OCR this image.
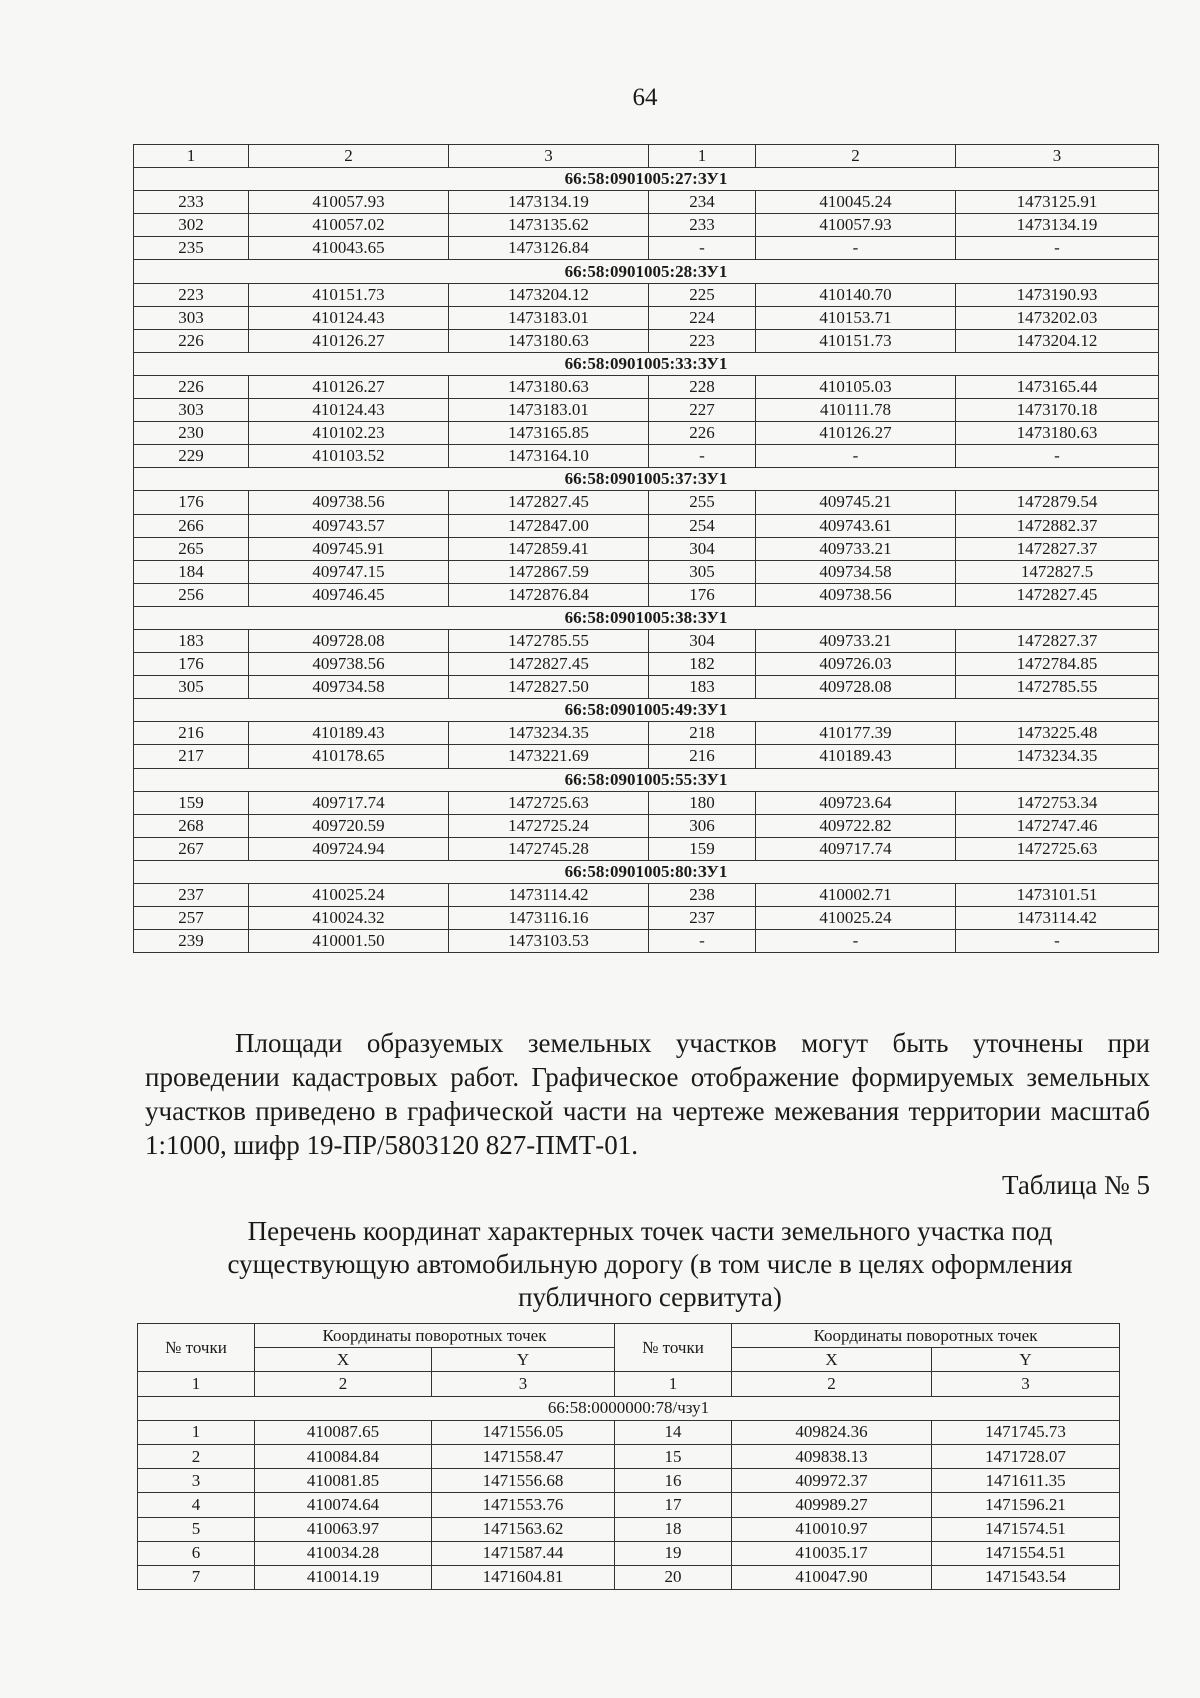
64
1	2	3	1	2	3
66:58:0901005:27:ЗУ1					
233	410057.93	1473134.19	234	410045.24	1473125.91
302	410057.02	1473135.62	233	410057.93	1473134.19
235	410043.65	1473126.84	-	-	-
66:58:0901005:28:ЗУ1					
223	410151.73	1473204.12	225	410140.70	1473190.93
303	410124.43	1473183.01	224	410153.71	1473202.03
226	410126.27	1473180.63	223	410151.73	1473204.12
66:58:0901005:33:ЗУ1					
226	410126.27	1473180.63	228	410105.03	1473165.44
303	410124.43	1473183.01	227	410111.78	1473170.18
230	410102.23	1473165.85	226	410126.27	1473180.63
229	410103.52	1473164.10	-	-	-
66:58:0901005:37:ЗУ1					
176	409738.56	1472827.45	255	409745.21	1472879.54
266	409743.57	1472847.00	254	409743.61	1472882.37
265	409745.91	1472859.41	304	409733.21	1472827.37
184	409747.15	1472867.59	305	409734.58	1472827.5
256	409746.45	1472876.84	176	409738.56	1472827.45
66:58:0901005:38:ЗУ1					
183	409728.08	1472785.55	304	409733.21	1472827.37
176	409738.56	1472827.45	182	409726.03	1472784.85
305	409734.58	1472827.50	183	409728.08	1472785.55
66:58:0901005:49:ЗУ1					
216	410189.43	1473234.35	218	410177.39	1473225.48
217	410178.65	1473221.69	216	410189.43	1473234.35
66:58:0901005:55:ЗУ1					
159	409717.74	1472725.63	180	409723.64	1472753.34
268	409720.59	1472725.24	306	409722.82	1472747.46
267	409724.94	1472745.28	159	409717.74	1472725.63
66:58:0901005:80:ЗУ1					
237	410025.24	1473114.42	238	410002.71	1473101.51
257	410024.32	1473116.16	237	410025.24	1473114.42
239	410001.50	1473103.53	-	-	-
Площади образуемых земельных участков могут быть уточнены при проведении кадастровых работ. Графическое отображение формируемых земельных участков приведено в графической части на чертеже межевания территории масштаб 1:1000, шифр 19-ПР/5803120 827-ПМТ-01.
Таблица № 5
Перечень координат характерных точек части земельного участка под существующую автомобильную дорогу (в том числе в целях оформления публичного сервитута)
№ точки	Координаты поворотных точек		№ точки	Координаты поворотных точек	
	X	Y		X	Y
1	2	3	1	2	3
66:58:0000000:78/чзу1					
1	410087.65	1471556.05	14	409824.36	1471745.73
2	410084.84	1471558.47	15	409838.13	1471728.07
3	410081.85	1471556.68	16	409972.37	1471611.35
4	410074.64	1471553.76	17	409989.27	1471596.21
5	410063.97	1471563.62	18	410010.97	1471574.51
6	410034.28	1471587.44	19	410035.17	1471554.51
7	410014.19	1471604.81	20	410047.90	1471543.54
